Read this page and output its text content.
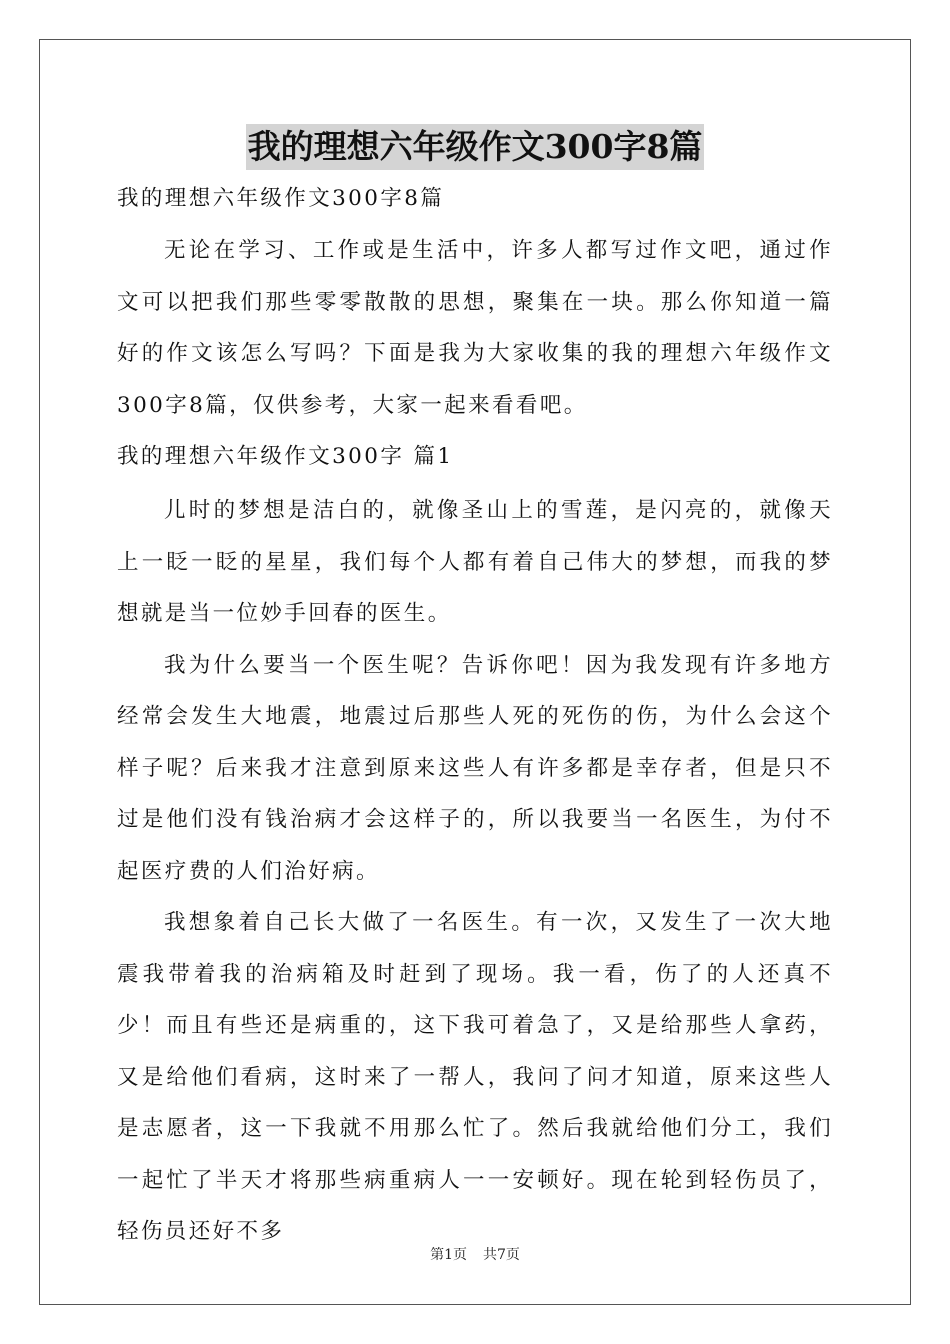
我的理想六年级作文300字8篇

我的理想六年级作文300字8篇

无论在学习、工作或是生活中，许多人都写过作文吧，通过作文可以把我们那些零零散散的思想，聚集在一块。那么你知道一篇好的作文该怎么写吗？下面是我为大家收集的我的理想六年级作文300字8篇，仅供参考，大家一起来看看吧。

我的理想六年级作文300字 篇1

儿时的梦想是洁白的，就像圣山上的雪莲，是闪亮的，就像天上一眨一眨的星星，我们每个人都有着自己伟大的梦想，而我的梦想就是当一位妙手回春的医生。

我为什么要当一个医生呢？告诉你吧！因为我发现有许多地方经常会发生大地震，地震过后那些人死的死伤的伤，为什么会这个样子呢？后来我才注意到原来这些人有许多都是幸存者，但是只不过是他们没有钱治病才会这样子的，所以我要当一名医生，为付不起医疗费的人们治好病。

我想象着自己长大做了一名医生。有一次，又发生了一次大地震我带着我的治病箱及时赶到了现场。我一看，伤了的人还真不少！而且有些还是病重的，这下我可着急了，又是给那些人拿药，又是给他们看病，这时来了一帮人，我问了问才知道，原来这些人是志愿者，这一下我就不用那么忙了。然后我就给他们分工，我们一起忙了半天才将那些病重病人一一安顿好。现在轮到轻伤员了，轻伤员还好不多

第1页 共7页
